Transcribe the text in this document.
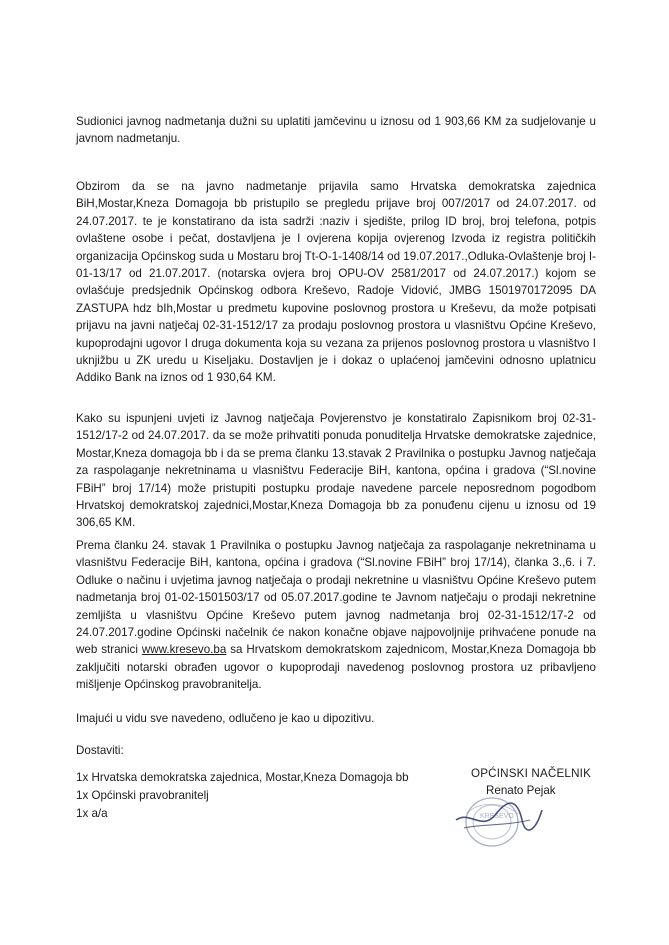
Sudionici javnog nadmetanja dužni su uplatiti jamčevinu u iznosu od 1 903,66 KM za sudjelovanje u javnom nadmetanju.

Obzirom da se na javno nadmetanje prijavila samo Hrvatska demokratska zajednica BiH,Mostar,Kneza Domagoja bb pristupilo se pregledu prijave broj 007/2017 od 24.07.2017. od 24.07.2017. te je konstatirano da ista sadrži :naziv i sjedište, prilog ID broj, broj telefona, potpis ovlaštene osobe i pečat, dostavljena je I ovjerena kopija ovjerenog Izvoda iz registra političkih organizacija Općinskog suda u Mostaru broj Tt-O-1-1408/14 od 19.07.2017.,Odluka-Ovlaštenje broj I-01-13/17 od 21.07.2017. (notarska ovjera broj OPU-OV 2581/2017 od 24.07.2017.) kojom se ovlašćuje predsjednik Općinskog odbora Kreševo, Radoje Vidović, JMBG 1501970172095 DA ZASTUPA hdz bIh,Mostar u predmetu kupovine poslovnog prostora u Kreševu, da može potpisati prijavu na javni natječaj 02-31-1512/17 za prodaju poslovnog prostora u vlasništvu Općine Kreševo, kupoprodajni ugovor I druga dokumenta koja su vezana za prijenos poslovnog prostora u vlasništvo I uknjižbu u ZK uredu u Kiseljaku. Dostavljen je i dokaz o uplaćenoj jamčevini odnosno uplatnicu Addiko Bank na iznos od 1 930,64 KM.

Kako su ispunjeni uvjeti iz Javnog natječaja Povjerenstvo je konstatiralo Zapisnikom broj 02-31-1512/17-2 od 24.07.2017. da se može prihvatiti ponuda ponuditelja Hrvatske demokratske zajednice, Mostar,Kneza domagoja bb i da se prema članku 13.stavak 2 Pravilnika o postupku Javnog natječaja za raspolaganje nekretninama u vlasništvu Federacije BiH, kantona, općina i gradova (“Sl.novine FBiH” broj 17/14) može pristupiti postupku prodaje navedene parcele neposrednom pogodbom Hrvatskoj demokratskoj zajednici,Mostar,Kneza Domagoja bb za ponuđenu cijenu u iznosu od 19 306,65 KM.

Prema članku 24. stavak 1 Pravilnika o postupku Javnog natječaja za raspolaganje nekretninama u vlasništvu Federacije BiH, kantona, općina i gradova (“Sl.novine FBiH” broj 17/14), članka 3.,6. i 7. Odluke o načinu i uvjetima javnog natječaja o prodaji nekretnine u vlasništvu Općine Kreševo putem nadmetanja broj 01-02-1501503/17 od 05.07.2017.godine te Javnom natječaju o prodaji nekretnine zemljišta u vlasništvu Općine Kreševo putem javnog nadmetanja broj 02-31-1512/17-2 od 24.07.2017.godine Općinski načelnik će nakon konačne objave najpovoljnije prihvaćene ponude na web stranici www.kresevo.ba sa Hrvatskom demokratskom zajednicom, Mostar,Kneza Domagoja bb zaključiti notarski obrađen ugovor o kupoprodaji navedenog poslovnog prostora uz pribavljeno mišljenje Općinskog pravobranitelja.

Imajući u vidu sve navedeno, odlučeno je kao u dipozitivu.

Dostaviti:

1x Hrvatska demokratska zajednica, Mostar,Kneza Domagoja bb
1x Općinski pravobranitelj
1x a/a
OPĆINSKI NAČELNIK
Renato Pejak
KREŠEVO
